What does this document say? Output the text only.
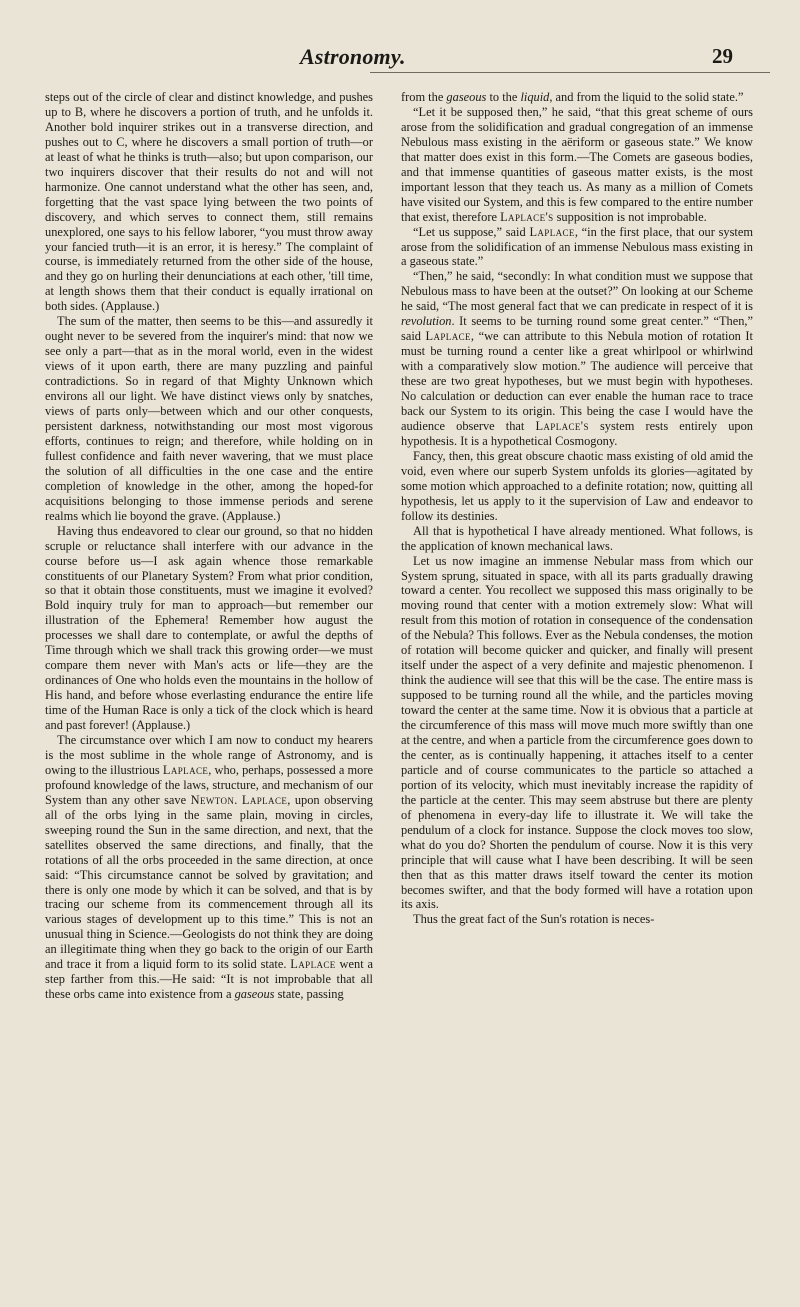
Astronomy.	29

steps out of the circle of clear and distinct knowledge, and pushes up to B, where he discovers a portion of truth, and he unfolds it. Another bold inquirer strikes out in a transverse direction, and pushes out to C, where he discovers a small portion of truth—or at least of what he thinks is truth—also; but upon comparison, our two inquirers discover that their results do not and will not harmonize. One cannot understand what the other has seen, and, forgetting that the vast space lying between the two points of discovery, and which serves to connect them, still remains unexplored, one says to his fellow laborer, “you must throw away your fancied truth—it is an error, it is heresy.” The complaint of course, is immediately returned from the other side of the house, and they go on hurling their denunciations at each other, 'till time, at length shows them that their conduct is equally irrational on both sides. (Applause.)

The sum of the matter, then seems to be this—and assuredly it ought never to be severed from the inquirer's mind: that now we see only a part—that as in the moral world, even in the widest views of it upon earth, there are many puzzling and painful contradictions. So in regard of that Mighty Unknown which environs all our light. We have distinct views only by snatches, views of parts only—between which and our other conquests, persistent darkness, notwithstanding our most most vigorous efforts, continues to reign; and therefore, while holding on in fullest confidence and faith never wavering, that we must place the solution of all difficulties in the one case and the entire completion of knowledge in the other, among the hoped-for acquisitions belonging to those immense periods and serene realms which lie boyond the grave. (Applause.)

Having thus endeavored to clear our ground, so that no hidden scruple or reluctance shall interfere with our advance in the course before us—I ask again whence those remarkable constituents of our Planetary System? From what prior condition, so that it obtain those constituents, must we imagine it evolved? Bold inquiry truly for man to approach—but remember our illustration of the Ephemera! Remember how august the processes we shall dare to contemplate, or awful the depths of Time through which we shall track this growing order—we must compare them never with Man's acts or life—they are the ordinances of One who holds even the mountains in the hollow of His hand, and before whose everlasting endurance the entire life time of the Human Race is only a tick of the clock which is heard and past forever! (Applause.)

The circumstance over which I am now to conduct my hearers is the most sublime in the whole range of Astronomy, and is owing to the illustrious Laplace, who, perhaps, possessed a more profound knowledge of the laws, structure, and mechanism of our System than any other save Newton. Laplace, upon observing all of the orbs lying in the same plain, moving in circles, sweeping round the Sun in the same direction, and next, that the satellites observed the same directions, and finally, that the rotations of all the orbs proceeded in the same direction, at once said: “This circumstance cannot be solved by gravitation; and there is only one mode by which it can be solved, and that is by tracing our scheme from its commencement through all its various stages of development up to this time.” This is not an unusual thing in Science.—Geologists do not think they are doing an illegitimate thing when they go back to the origin of our Earth and trace it from a liquid form to its solid state. Laplace went a step farther from this.—He said: “It is not improbable that all these orbs came into existence from a gaseous state, passing

from the gaseous to the liquid, and from the liquid to the solid state.”

“Let it be supposed then,” he said, “that this great scheme of ours arose from the solidification and gradual congregation of an immense Nebulous mass existing in the aëriform or gaseous state.” We know that matter does exist in this form.—The Comets are gaseous bodies, and that immense quantities of gaseous matter exists, is the most important lesson that they teach us. As many as a million of Comets have visited our System, and this is few compared to the entire number that exist, therefore Laplace's supposition is not improbable.

“Let us suppose,” said Laplace, “in the first place, that our system arose from the solidification of an immense Nebulous mass existing in a gaseous state.”

“Then,” he said, “secondly: In what condition must we suppose that Nebulous mass to have been at the outset?” On looking at our Scheme he said, “The most general fact that we can predicate in respect of it is revolution. It seems to be turning round some great center.” “Then,” said Laplace, “we can attribute to this Nebula motion of rotation It must be turning round a center like a great whirlpool or whirlwind with a comparatively slow motion.” The audience will perceive that these are two great hypotheses, but we must begin with hypotheses. No calculation or deduction can ever enable the human race to trace back our System to its origin. This being the case I would have the audience observe that Laplace's system rests entirely upon hypothesis. It is a hypothetical Cosmogony.

Fancy, then, this great obscure chaotic mass existing of old amid the void, even where our superb System unfolds its glories—agitated by some motion which approached to a definite rotation; now, quitting all hypothesis, let us apply to it the supervision of Law and endeavor to follow its destinies.

All that is hypothetical I have already mentioned. What follows, is the application of known mechanical laws.

Let us now imagine an immense Nebular mass from which our System sprung, situated in space, with all its parts gradually drawing toward a center. You recollect we supposed this mass originally to be moving round that center with a motion extremely slow: What will result from this motion of rotation in consequence of the condensation of the Nebula? This follows. Ever as the Nebula condenses, the motion of rotation will become quicker and quicker, and finally will present itself under the aspect of a very definite and majestic phenomenon. I think the audience will see that this will be the case. The entire mass is supposed to be turning round all the while, and the particles moving toward the center at the same time. Now it is obvious that a particle at the circumference of this mass will move much more swiftly than one at the centre, and when a particle from the circumference goes down to the center, as is continually happening, it attaches itself to a center particle and of course communicates to the particle so attached a portion of its velocity, which must inevitably increase the rapidity of the particle at the center. This may seem abstruse but there are plenty of phenomena in every-day life to illustrate it. We will take the pendulum of a clock for instance. Suppose the clock moves too slow, what do you do? Shorten the pendulum of course. Now it is this very principle that will cause what I have been describing. It will be seen then that as this matter draws itself toward the center its motion becomes swifter, and that the body formed will have a rotation upon its axis.

Thus the great fact of the Sun's rotation is neces-
